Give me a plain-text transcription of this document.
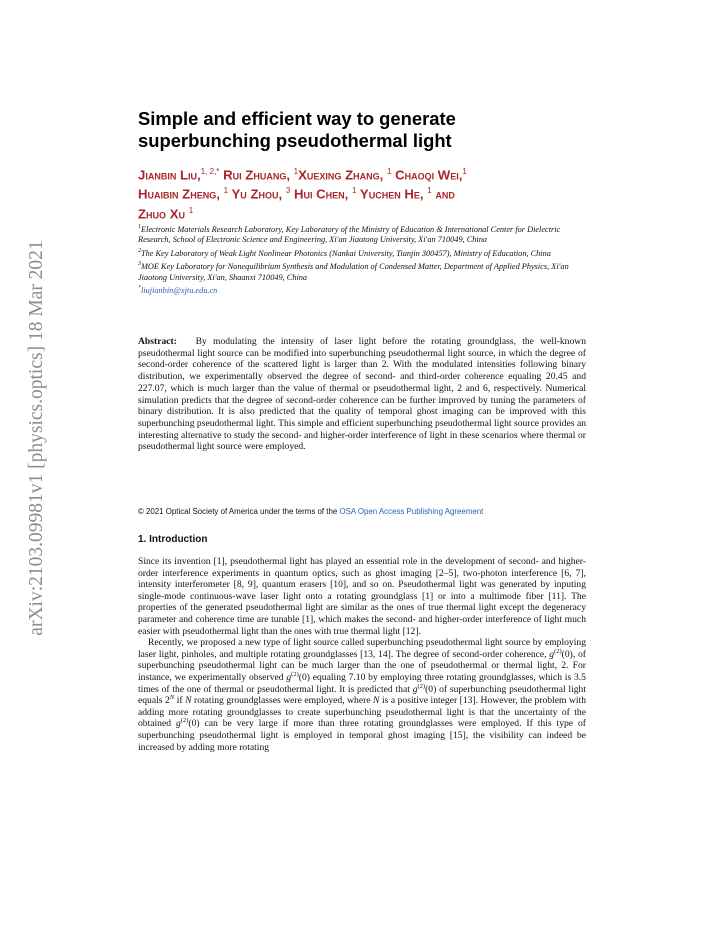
arXiv:2103.09981v1 [physics.optics] 18 Mar 2021
Simple and efficient way to generate
superbunching pseudothermal light
Jianbin Liu,$^{1, 2,*}$ Rui Zhuang, $^1$Xuexing Zhang, $^1$ Chaoqi Wei,$^1$
Huaibin Zheng, $^1$ Yu Zhou, $^3$ Hui Chen, $^1$ Yuchen He, $^1$ and
Zhuo Xu $^1$

$^1$Electronic Materials Research Laboratory, Key Laboratory of the Ministry of Education & International Center for Dielectric Research, School of Electronic Science and Engineering, Xi'an Jiaotong University, Xi'an 710049, China

$^2$The Key Laboratory of Weak Light Nonlinear Photonics (Nankai University, Tianjin 300457), Ministry of Education, China

$^3$MOE Key Laboratory for Nonequilibrium Synthesis and Modulation of Condensed Matter, Department of Applied Physics, Xi'an Jiaotong University, Xi'an, Shaanxi 710049, China

*liujianbin@xjtu.edu.cn

Abstract: By modulating the intensity of laser light before the rotating groundglass, the well-known pseudothermal light source can be modified into superbunching pseudothermal light source, in which the degree of second-order coherence of the scattered light is larger than 2. With the modulated intensities following binary distribution, we experimentally observed the degree of second- and third-order coherence equaling 20.45 and 227.07, which is much larger than the value of thermal or pseudothermal light, 2 and 6, respectively. Numerical simulation predicts that the degree of second-order coherence can be further improved by tuning the parameters of binary distribution. It is also predicted that the quality of temporal ghost imaging can be improved with this superbunching pseudothermal light. This simple and efficient superbunching pseudothermal light source provides an interesting alternative to study the second- and higher-order interference of light in these scenarios where thermal or pseudothermal light source were employed.
© 2021 Optical Society of America under the terms of the OSA Open Access Publishing Agreement
1. Introduction

Since its invention [1], pseudothermal light has played an essential role in the development of second- and higher-order interference experiments in quantum optics, such as ghost imaging [2–5], two-photon interference [6, 7], intensity interferometer [8, 9], quantum erasers [10], and so on. Pseudothermal light was generated by inputing single-mode continuous-wave laser light onto a rotating groundglass [1] or into a multimode fiber [11]. The properties of the generated pseudothermal light are similar as the ones of true thermal light except the degeneracy parameter and coherence time are tunable [1], which makes the second- and higher-order interference of light much easier with pseudothermal light than the ones with true thermal light [12].

Recently, we proposed a new type of light source called superbunching pseudothermal light source by employing laser light, pinholes, and multiple rotating groundglasses [13, 14]. The degree of second-order coherence, $g^{(2)}(0)$, of superbunching pseudothermal light can be much larger than the one of pseudothermal or thermal light, 2. For instance, we experimentally observed $g^{(2)}(0)$ equaling 7.10 by employing three rotating groundglasses, which is 3.5 times of the one of thermal or pseudothermal light. It is predicted that $g^{(2)}(0)$ of superbunching pseudothermal light equals $2^N$ if N rotating groundglasses were employed, where N is a positive integer [13]. However, the problem with adding more rotating groundglasses to create superbunching pseudothermal light is that the uncertainty of the obtained $g^{(2)}(0)$ can be very large if more than three rotating groundglasses were employed. If this type of superbunching pseudothermal light is employed in temporal ghost imaging [15], the visibility can indeed be increased by adding more rotating
